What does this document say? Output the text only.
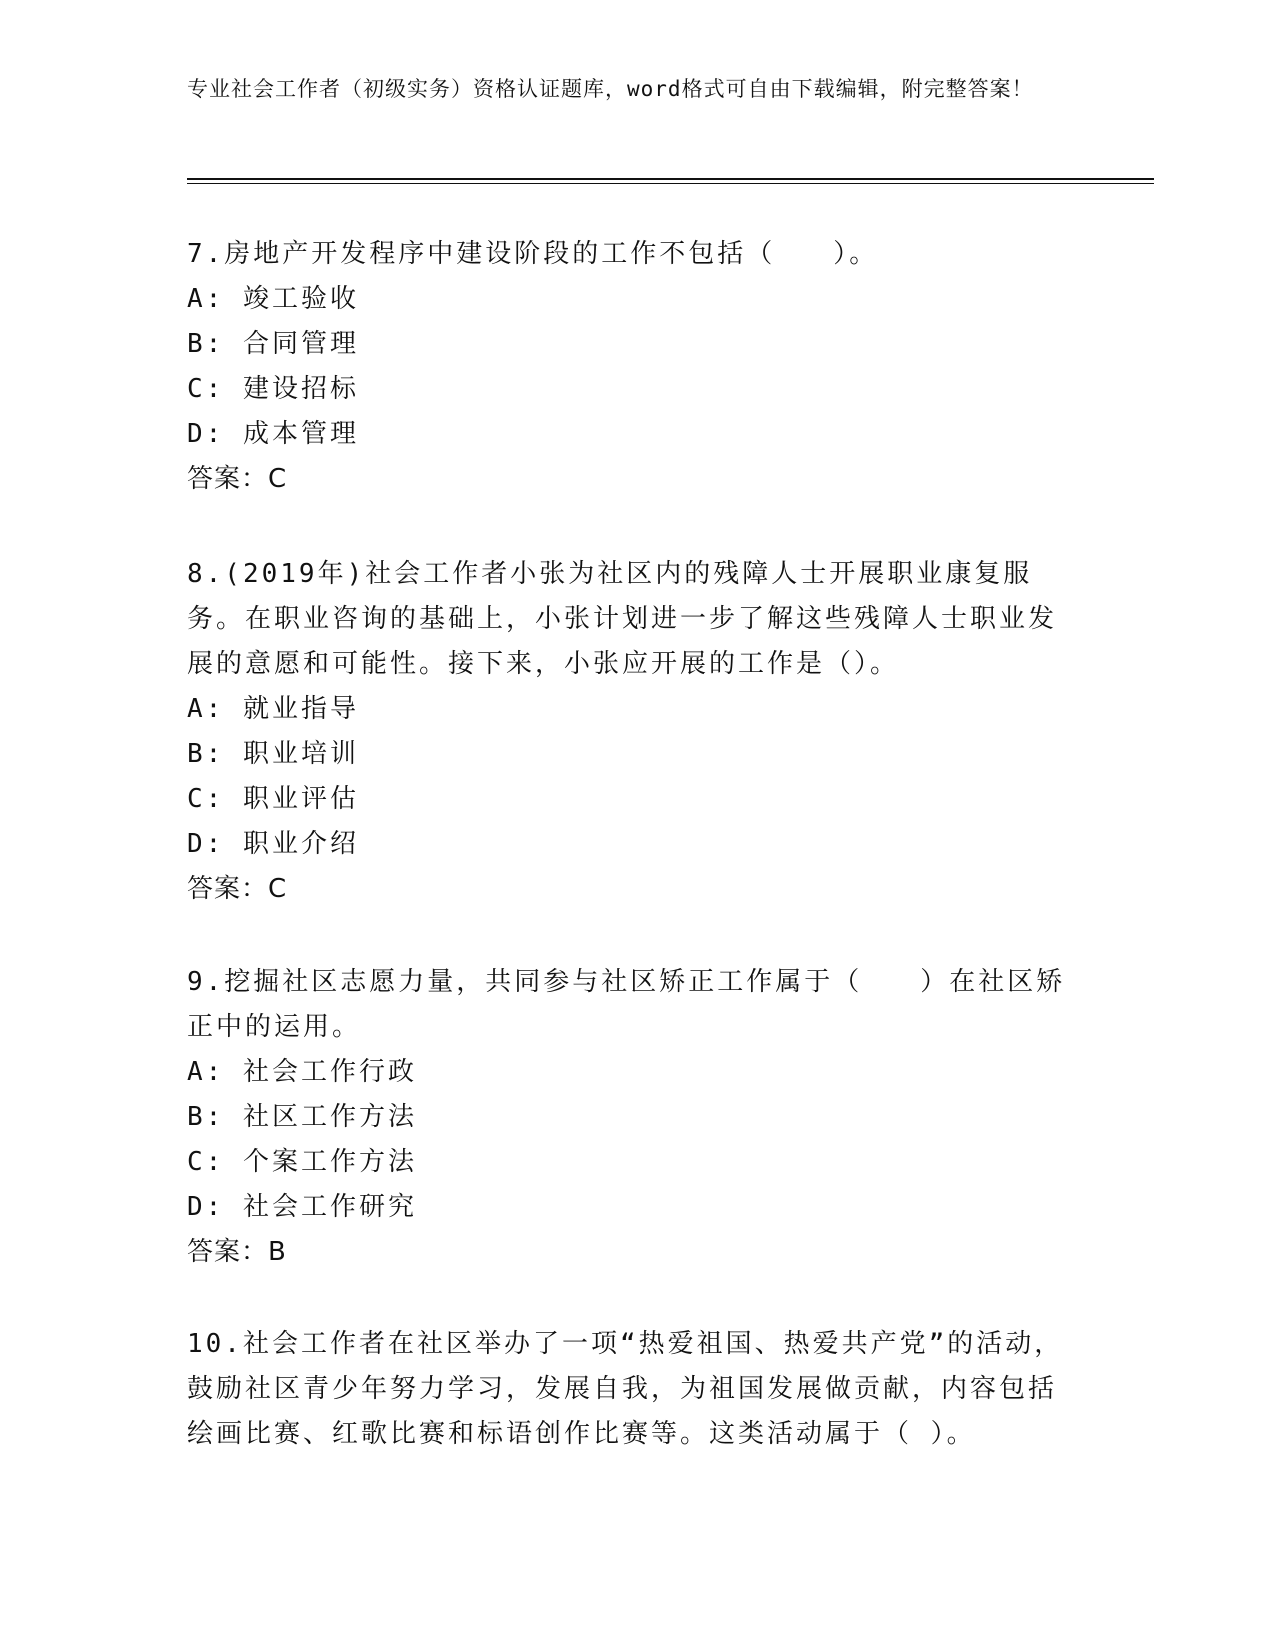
专业社会工作者（初级实务）资格认证题库，word格式可自由下载编辑，附完整答案！

7.房地产开发程序中建设阶段的工作不包括（　　）。

A: 竣工验收

B: 合同管理

C: 建设招标

D: 成本管理

答案：C

8.(2019年)社会工作者小张为社区内的残障人士开展职业康复服务。在职业咨询的基础上，小张计划进一步了解这些残障人士职业发展的意愿和可能性。接下来，小张应开展的工作是（）。

A: 就业指导

B: 职业培训

C: 职业评估

D: 职业介绍

答案：C

9.挖掘社区志愿力量，共同参与社区矫正工作属于（　　）在社区矫正中的运用。

A: 社会工作行政

B: 社区工作方法

C: 个案工作方法

D: 社会工作研究

答案：B

10.社会工作者在社区举办了一项“热爱祖国、热爱共产党”的活动，鼓励社区青少年努力学习，发展自我，为祖国发展做贡献，内容包括绘画比赛、红歌比赛和标语创作比赛等。这类活动属于（ ）。
